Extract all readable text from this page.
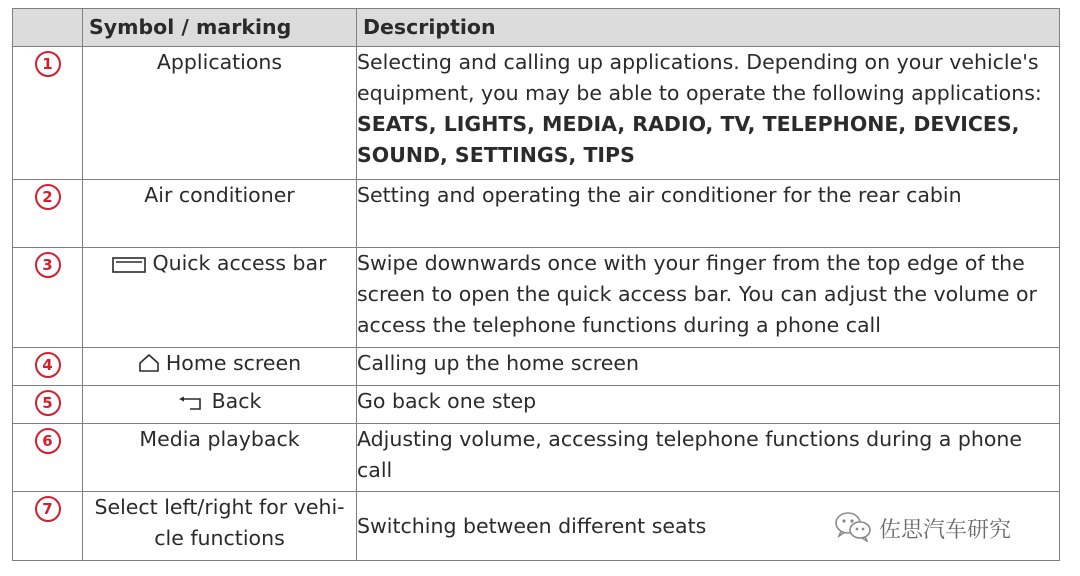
	Symbol / marking	Description
1	Applications	Selecting and calling up applications. Depending on your vehicle's equipment, you may be able to operate the following applications:
SEATS, LIGHTS, MEDIA, RADIO, TV, TELEPHONE, DEVICES, SOUND, SETTINGS, TIPS
2	Air conditioner	Setting and operating the air conditioner for the rear cabin
3	Quick access bar	Swipe downwards once with your finger from the top edge of the screen to open the quick access bar. You can adjust the volume or access the telephone functions during a phone call
4	Home screen	Calling up the home screen
5	Back	Go back one step
6	Media playback	Adjusting volume, accessing telephone functions during a phone call
7	Select left/right for vehi-cle functions	Switching between different seats	佐思汽车研究
